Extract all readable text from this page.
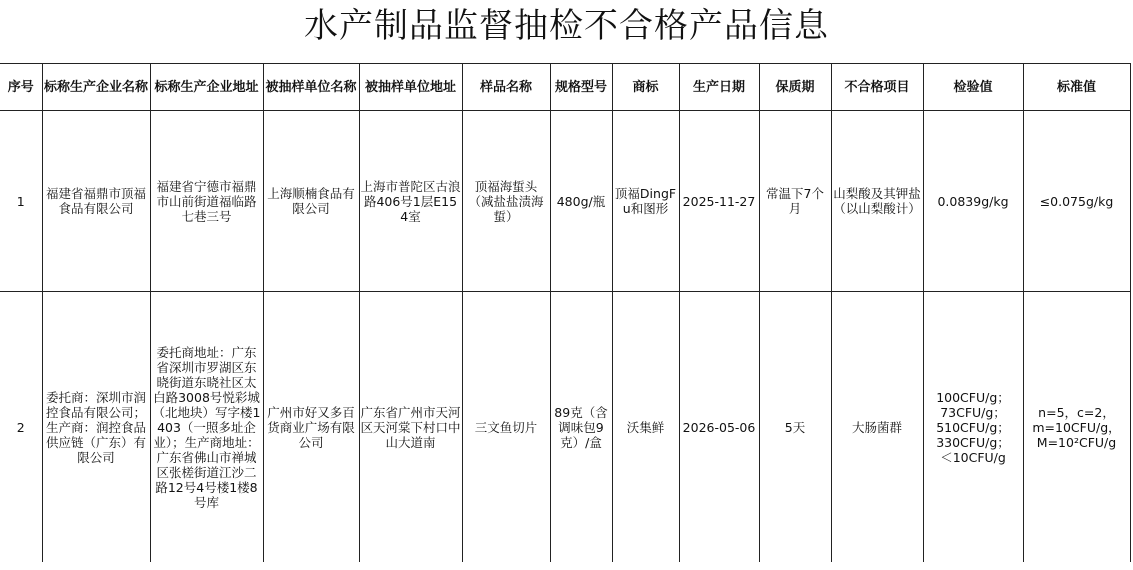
水产制品监督抽检不合格产品信息
序号	标称生产企业名称	标称生产企业地址	被抽样单位名称	被抽样单位地址	样品名称	规格型号	商标	生产日期	保质期	不合格项目	检验值	标准值
1	福建省福鼎市顶福食品有限公司	福建省宁德市福鼎市山前街道福临路七巷三号	上海顺楠食品有限公司	上海市普陀区古浪路406号1层E154室	顶福海蜇头（减盐盐渍海蜇）	480g/瓶	顶福DingFu和图形	2025-11-27	常温下7个月	山梨酸及其钾盐（以山梨酸计）	0.0839g/kg	≤0.075g/kg
2	委托商：深圳市润控食品有限公司；生产商：润控食品供应链（广东）有限公司	委托商地址：广东省深圳市罗湖区东晓街道东晓社区太白路3008号悦彩城（北地块）写字楼1403（一照多址企业）；生产商地址：广东省佛山市禅城区张槎街道江沙二路12号4号楼1楼8号库	广州市好又多百货商业广场有限公司	广东省广州市天河区天河棠下村口中山大道南	三文鱼切片	89克（含调味包9克）/盒	沃集鲜	2026-05-06	5天	大肠菌群	100CFU/g；
73CFU/g；
510CFU/g；
330CFU/g；
＜10CFU/g	n=5，c=2，
m=10CFU/g，
M=10²CFU/g
